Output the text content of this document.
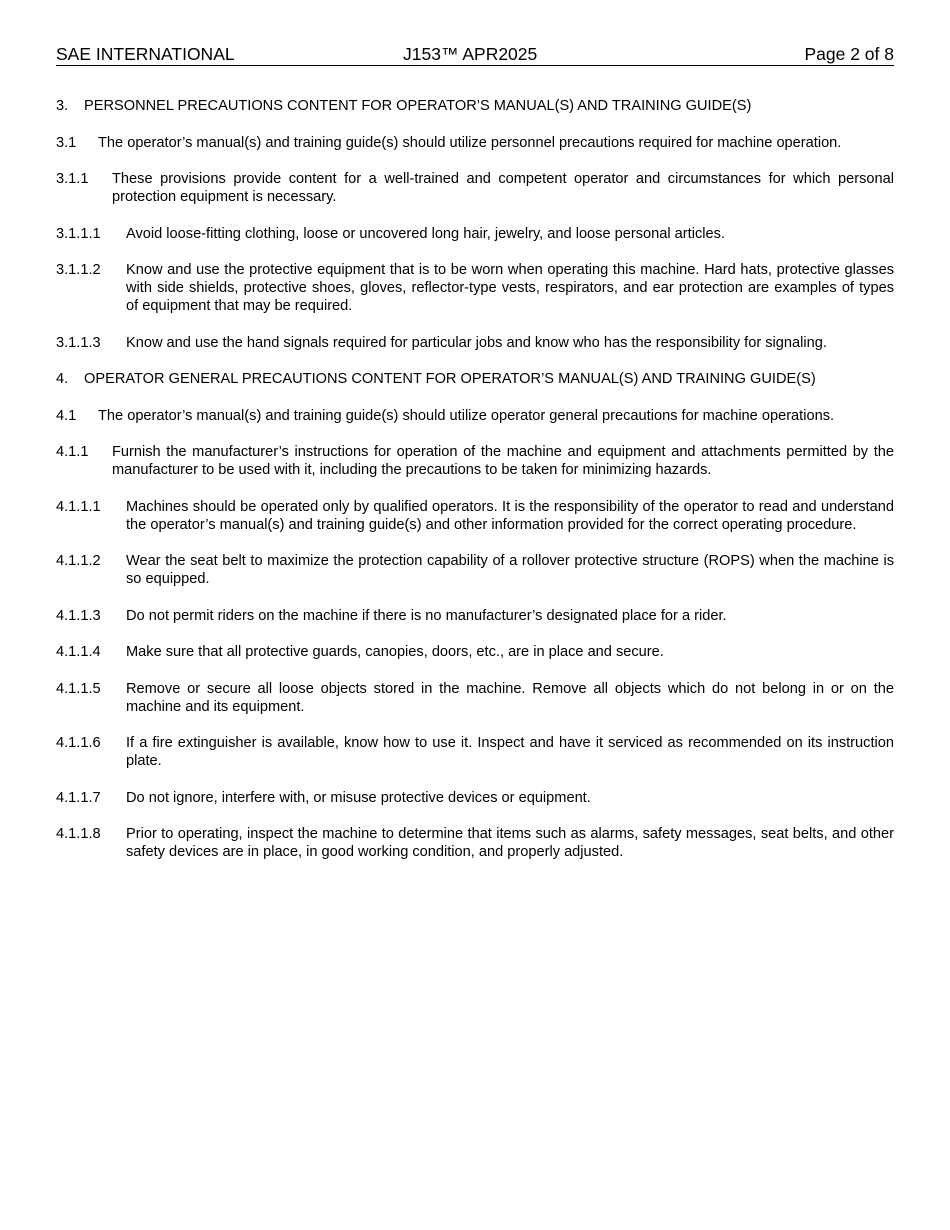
SAE INTERNATIONAL	J153™ APR2025	Page 2 of 8
3.	PERSONNEL PRECAUTIONS CONTENT FOR OPERATOR’S MANUAL(S) AND TRAINING GUIDE(S)
3.1	The operator’s manual(s) and training guide(s) should utilize personnel precautions required for machine operation.
3.1.1	These provisions provide content for a well-trained and competent operator and circumstances for which personal protection equipment is necessary.
3.1.1.1	Avoid loose-fitting clothing, loose or uncovered long hair, jewelry, and loose personal articles.
3.1.1.2	Know and use the protective equipment that is to be worn when operating this machine. Hard hats, protective glasses with side shields, protective shoes, gloves, reflector-type vests, respirators, and ear protection are examples of types of equipment that may be required.
3.1.1.3	Know and use the hand signals required for particular jobs and know who has the responsibility for signaling.
4.	OPERATOR GENERAL PRECAUTIONS CONTENT FOR OPERATOR’S MANUAL(S) AND TRAINING GUIDE(S)
4.1	The operator’s manual(s) and training guide(s) should utilize operator general precautions for machine operations.
4.1.1	Furnish the manufacturer’s instructions for operation of the machine and equipment and attachments permitted by the manufacturer to be used with it, including the precautions to be taken for minimizing hazards.
4.1.1.1	Machines should be operated only by qualified operators. It is the responsibility of the operator to read and understand the operator’s manual(s) and training guide(s) and other information provided for the correct operating procedure.
4.1.1.2	Wear the seat belt to maximize the protection capability of a rollover protective structure (ROPS) when the machine is so equipped.
4.1.1.3	Do not permit riders on the machine if there is no manufacturer’s designated place for a rider.
4.1.1.4	Make sure that all protective guards, canopies, doors, etc., are in place and secure.
4.1.1.5	Remove or secure all loose objects stored in the machine. Remove all objects which do not belong in or on the machine and its equipment.
4.1.1.6	If a fire extinguisher is available, know how to use it. Inspect and have it serviced as recommended on its instruction plate.
4.1.1.7	Do not ignore, interfere with, or misuse protective devices or equipment.
4.1.1.8	Prior to operating, inspect the machine to determine that items such as alarms, safety messages, seat belts, and other safety devices are in place, in good working condition, and properly adjusted.
